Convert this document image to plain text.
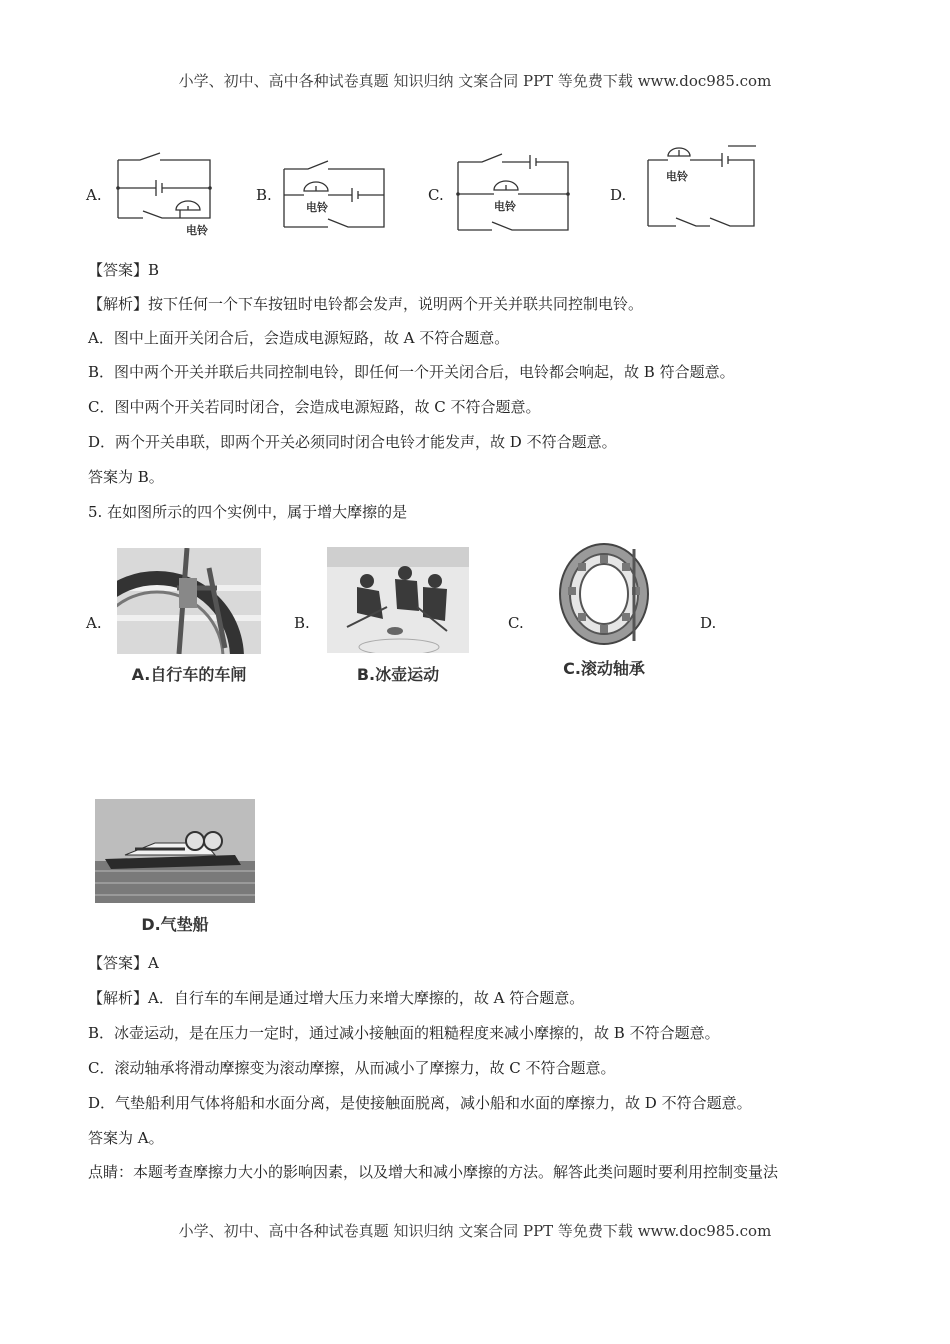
小学、初中、高中各种试卷真题 知识归纳 文案合同 PPT 等免费下载 www.doc985.com
A.
电铃
B.
电铃
C.
电铃
D.
电铃
【答案】B
【解析】按下任何一个下车按钮时电铃都会发声，说明两个开关并联共同控制电铃。
A．图中上面开关闭合后，会造成电源短路，故 A 不符合题意。
B．图中两个开关并联后共同控制电铃，即任何一个开关闭合后，电铃都会响起，故 B 符合题意。
C．图中两个开关若同时闭合，会造成电源短路，故 C 不符合题意。
D．两个开关串联，即两个开关必须同时闭合电铃才能发声，故 D 不符合题意。
答案为 B。
5. 在如图所示的四个实例中，属于增大摩擦的是
A.
A.自行车的车闸
B.
B.冰壶运动
C.
C.滚动轴承
D.
D.气垫船
【答案】A
【解析】A．自行车的车闸是通过增大压力来增大摩擦的，故 A 符合题意。
B．冰壶运动，是在压力一定时，通过减小接触面的粗糙程度来减小摩擦的，故 B 不符合题意。
C．滚动轴承将滑动摩擦变为滚动摩擦，从而减小了摩擦力，故 C 不符合题意。
D．气垫船利用气体将船和水面分离，是使接触面脱离，减小船和水面的摩擦力，故 D 不符合题意。
答案为 A。
点睛：本题考查摩擦力大小的影响因素，以及增大和减小摩擦的方法。解答此类问题时要利用控制变量法
小学、初中、高中各种试卷真题 知识归纳 文案合同 PPT 等免费下载 www.doc985.com
